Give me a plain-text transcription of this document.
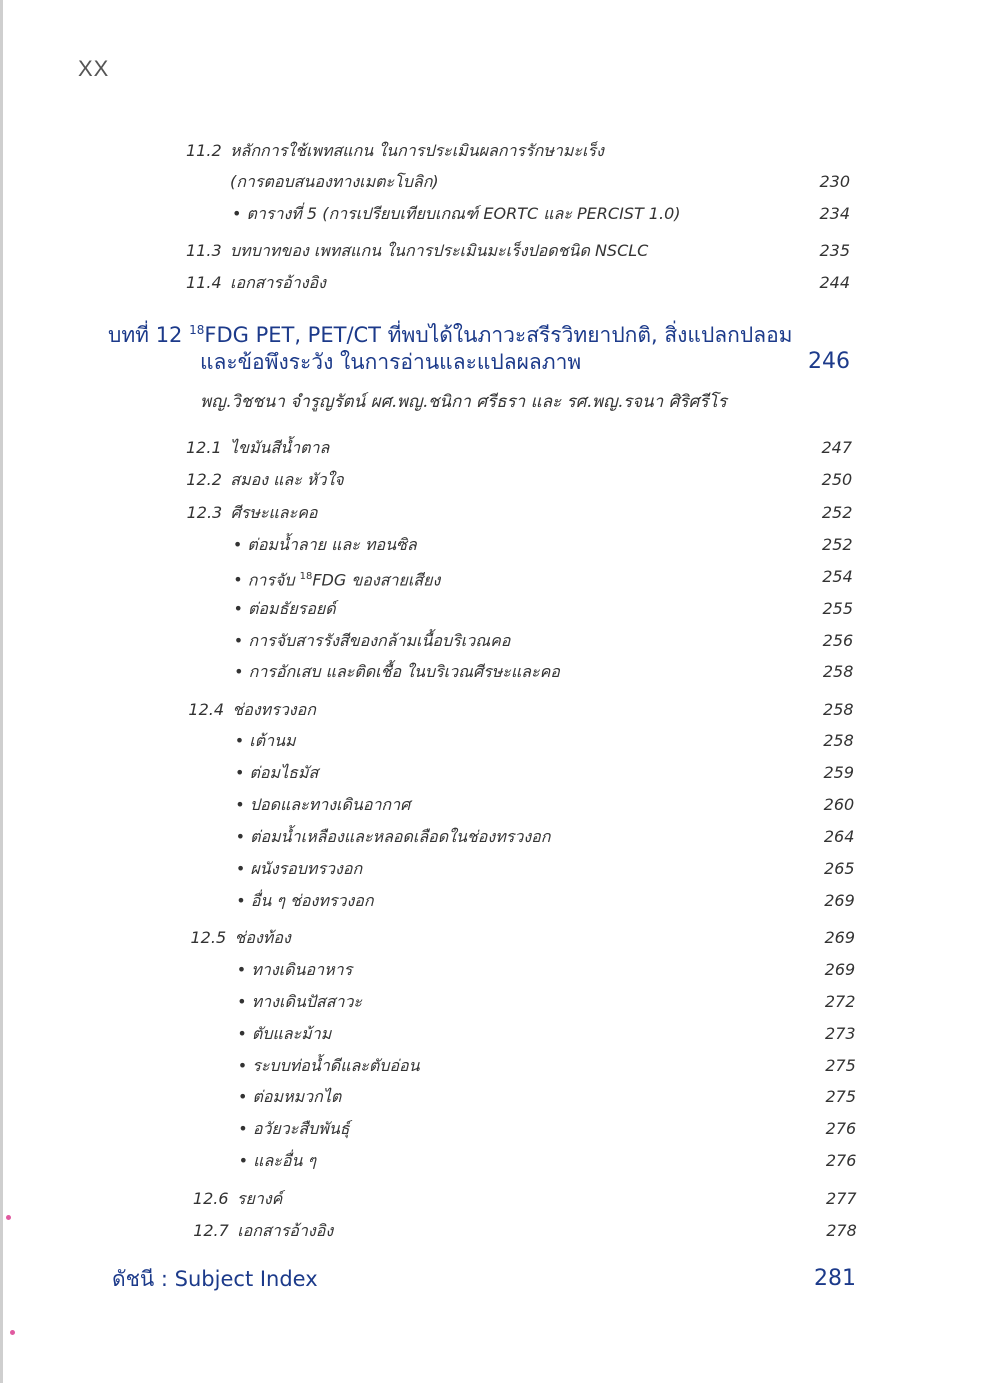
XX
11.2 หลักการใช้เพทสแกน ในการประเมินผลการรักษามะเร็ง
(การตอบสนองทางเมตะโบลิก)	230
• ตารางที่ 5 (การเปรียบเทียบเกณฑ์ EORTC และ PERCIST 1.0)	234
11.3 บทบาทของ เพทสแกน ในการประเมินมะเร็งปอดชนิด NSCLC	235
11.4 เอกสารอ้างอิง	244
บทที่ 12 $^{18}$FDG PET, PET/CT ที่พบได้ในภาวะสรีรวิทยาปกติ, สิ่งแปลกปลอม
และข้อพึงระวัง ในการอ่านและแปลผลภาพ	246
พญ.วิชชนา จำรูญรัตน์ ผศ.พญ.ชนิกา ศรีธรา และ รศ.พญ.รจนา ศิริศรีโร
12.1 ไขมันสีน้ำตาล	247
12.2 สมอง และ หัวใจ	250
12.3 ศีรษะและคอ	252
• ต่อมน้ำลาย และ ทอนซิล	252
• การจับ $^{18}$FDG ของสายเสียง	254
• ต่อมธัยรอยด์	255
• การจับสารรังสีของกล้ามเนื้อบริเวณคอ	256
• การอักเสบ และติดเชื้อ ในบริเวณศีรษะและคอ	258
12.4 ช่องทรวงอก	258
• เต้านม	258
• ต่อมไธมัส	259
• ปอดและทางเดินอากาศ	260
• ต่อมน้ำเหลืองและหลอดเลือดในช่องทรวงอก	264
• ผนังรอบทรวงอก	265
• อื่น ๆ ช่องทรวงอก	269
12.5 ช่องท้อง	269
• ทางเดินอาหาร	269
• ทางเดินปัสสาวะ	272
• ตับและม้าม	273
• ระบบท่อน้ำดีและตับอ่อน	275
• ต่อมหมวกไต	275
• อวัยวะสืบพันธุ์	276
• และอื่น ๆ	276
12.6 รยางค์	277
12.7 เอกสารอ้างอิง	278
ดัชนี : Subject Index	281
